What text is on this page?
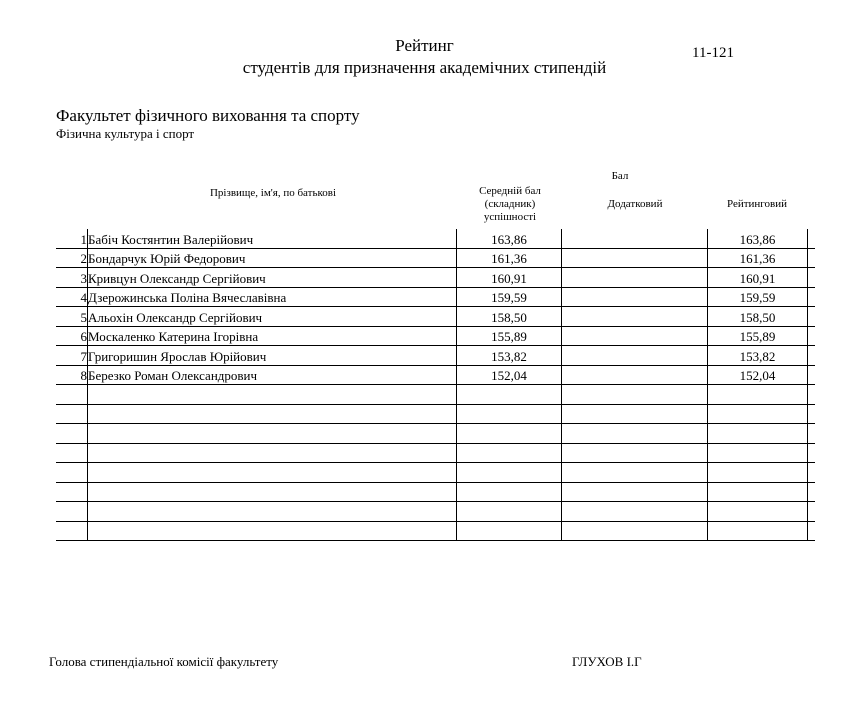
Рейтинг
студентів для призначення академічних стипендій
11-121
Факультет фізичного виховання та спорту
Фізична культура і спорт
Бал
Прізвище, ім'я, по батькові	Середній бал
(складник)
успішності
Додатковий	Рейтинговий
1	Бабіч Костянтин Валерійович	163,86		163,86	
2	Бондарчук Юрій Федорович	161,36		161,36	
3	Кривцун Олександр Сергійович	160,91		160,91	
4	Дзерожинська Поліна Вячеславівна	159,59		159,59	
5	Альохін Олександр Сергійович	158,50		158,50	
6	Москаленко Катерина Ігорівна	155,89		155,89	
7	Григоришин Ярослав Юрійович	153,82		153,82	
8	Березко Роман Олександрович	152,04		152,04	

Голова стипендіальної комісії факультету	ГЛУХОВ І.Г
